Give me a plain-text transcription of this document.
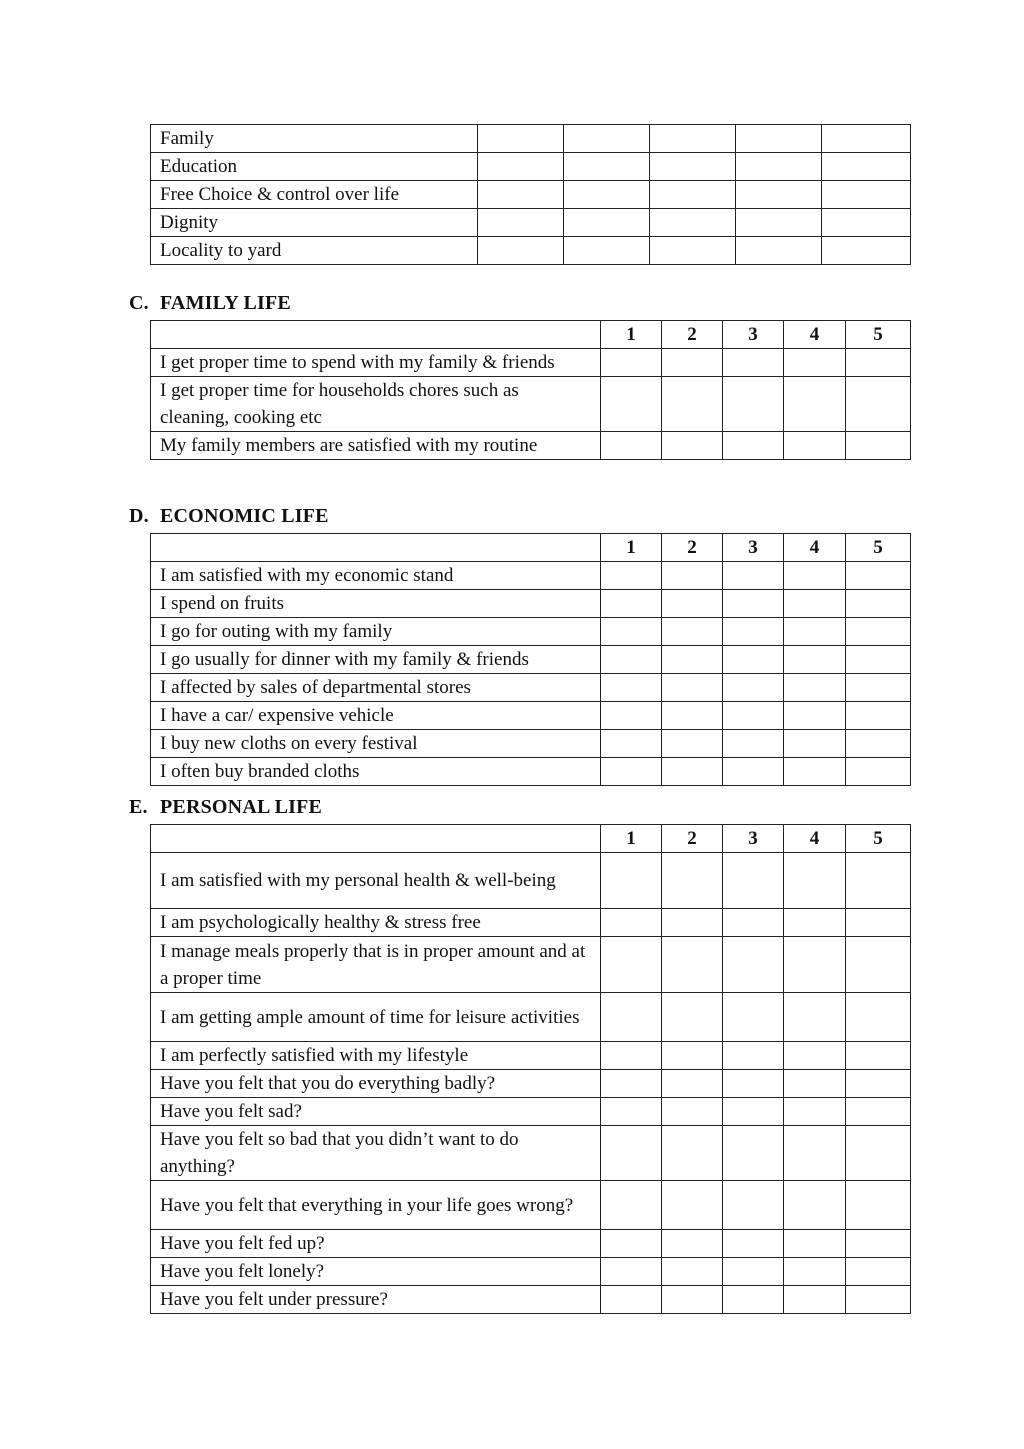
Family					
Education					
Free Choice & control over life					
Dignity					
Locality to yard					
C. FAMILY LIFE
	1	2	3	4	5
I get proper time to spend with my family & friends					
I get proper time for households chores such as cleaning, cooking etc					
My family members are satisfied with my routine					
D. ECONOMIC LIFE
	1	2	3	4	5
I am satisfied with my economic stand					
I spend on fruits					
I go for outing with my family					
I go usually for dinner with my family & friends					
I affected by sales of departmental stores					
I have a car/ expensive vehicle					
I buy new cloths on every festival					
I often buy branded cloths					
E. PERSONAL LIFE
	1	2	3	4	5
I am satisfied with my personal health & well-being					
I am psychologically healthy & stress free					
I manage meals properly that is in proper amount and at a proper time					
I am getting ample amount of time for leisure activities					
I am perfectly satisfied with my lifestyle					
Have you felt that you do everything badly?					
Have you felt sad?					
Have you felt so bad that you didn’t want to do anything?					
Have you felt that everything in your life goes wrong?					
Have you felt fed up?					
Have you felt lonely?					
Have you felt under pressure?					
